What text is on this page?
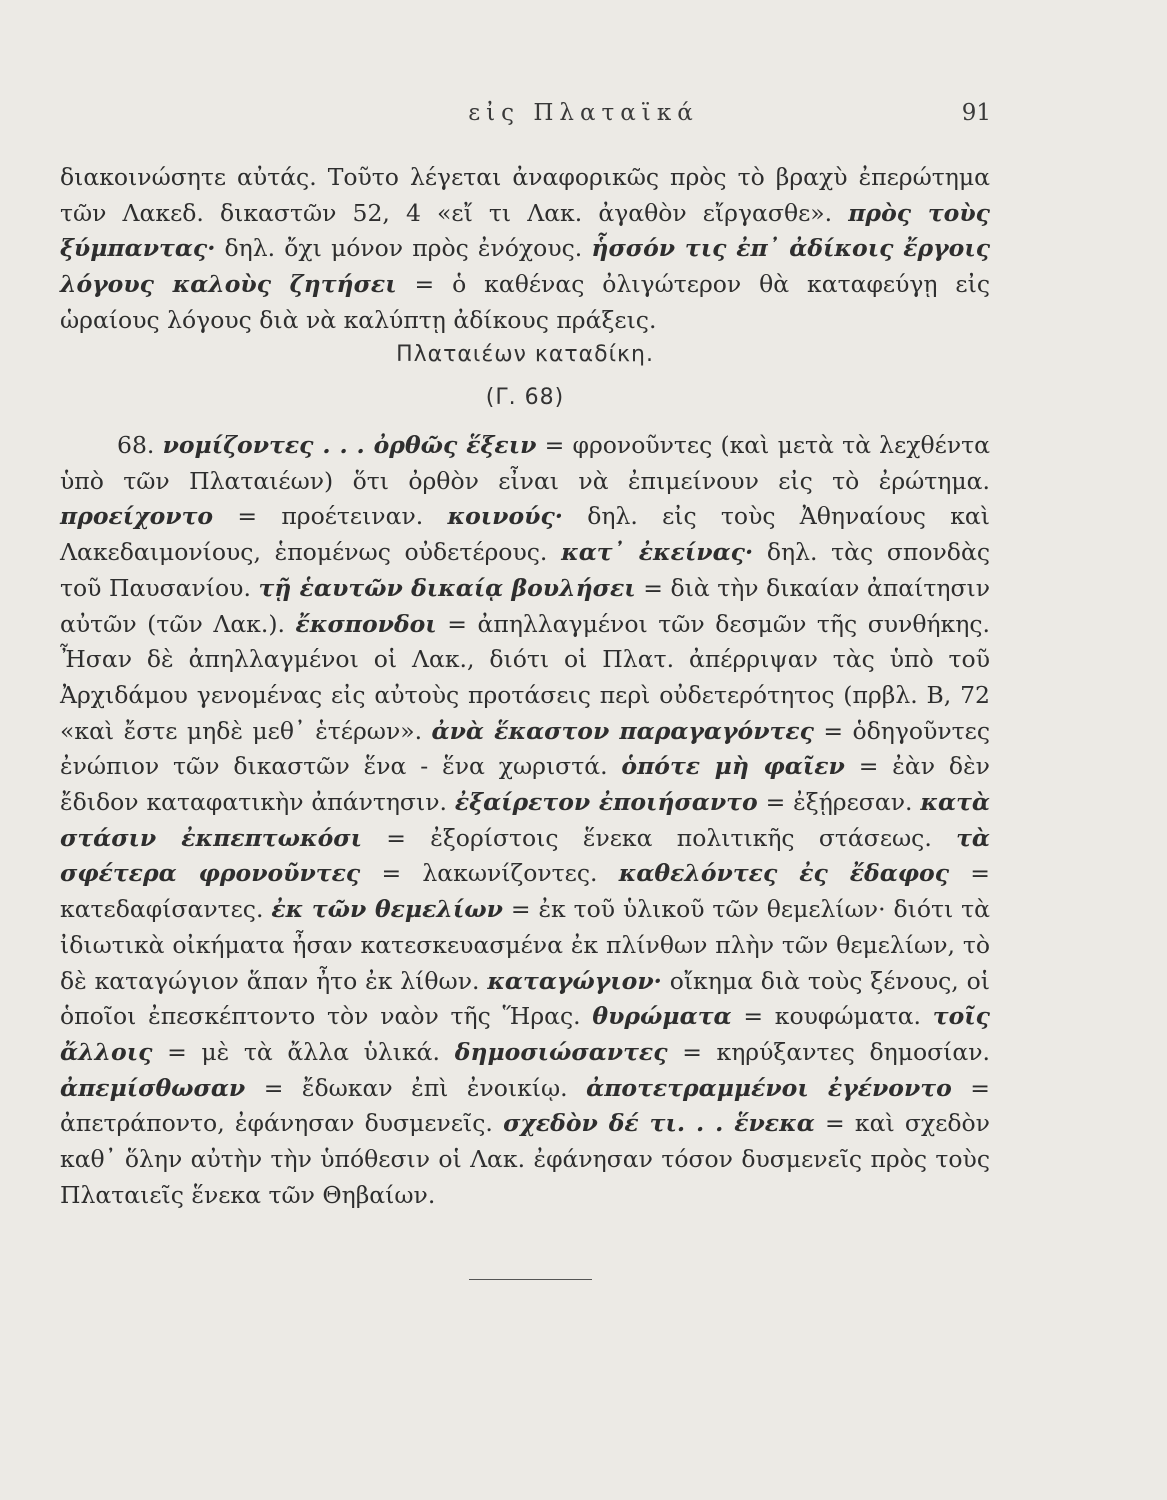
εἰς Πλαταϊκά	91

διακοινώσητε αὐτάς. Τοῦτο λέγεται ἀναφορικῶς πρὸς τὸ βραχὺ ἐπερώτημα τῶν Λακεδ. δικαστῶν 52, 4 «εἴ τι Λακ. ἀγαθὸν εἴργασθε». πρὸς τοὺς ξύμπαντας· δηλ. ὄχι μόνον πρὸς ἐνόχους. ἧσσόν τις ἐπ᾽ ἀδίκοις ἔργοις λόγους καλοὺς ζητήσει = ὁ καθένας ὀλιγώτερον θὰ καταφεύγῃ εἰς ὡραίους λόγους διὰ νὰ καλύπτῃ ἀδίκους πράξεις.

Πλαταιέων καταδίκη.
(Γ. 68)

68. νομίζοντες . . . ὀρθῶς ἕξειν = φρονοῦντες (καὶ μετὰ τὰ λεχθέντα ὑπὸ τῶν Πλαταιέων) ὅτι ὀρθὸν εἶναι νὰ ἐπιμείνουν εἰς τὸ ἐρώτημα. προείχοντο = προέτειναν. κοινούς· δηλ. εἰς τοὺς Ἀθηναίους καὶ Λακεδαιμονίους, ἑπομένως οὐδετέρους. κατ᾽ ἐκείνας· δηλ. τὰς σπονδὰς τοῦ Παυσανίου. τῇ ἑαυτῶν δικαίᾳ βουλήσει = διὰ τὴν δικαίαν ἀπαίτησιν αὐτῶν (τῶν Λακ.). ἔκσπονδοι = ἀπηλλαγμένοι τῶν δεσμῶν τῆς συνθήκης. Ἦσαν δὲ ἀπηλλαγμένοι οἱ Λακ., διότι οἱ Πλατ. ἀπέρριψαν τὰς ὑπὸ τοῦ Ἀρχιδάμου γενομένας εἰς αὐτοὺς προτάσεις περὶ οὐδετερότητος (πρβλ. Β, 72 «καὶ ἔστε μηδὲ μεθ᾽ ἑτέρων». ἀνὰ ἕκαστον παραγαγόντες = ὁδηγοῦντες ἐνώπιον τῶν δικαστῶν ἕνα - ἕνα χωριστά. ὁπότε μὴ φαῖεν = ἐὰν δὲν ἔδιδον καταφατικὴν ἀπάντησιν. ἐξαίρετον ἐποιήσαντο = ἐξῄρεσαν. κατὰ στάσιν ἐκπεπτωκόσι = ἐξορίστοις ἕνεκα πολιτικῆς στάσεως. τὰ σφέτερα φρονοῦντες = λακωνίζοντες. καθελόντες ἐς ἔδαφος = κατεδαφίσαντες. ἐκ τῶν θεμελίων = ἐκ τοῦ ὑλικοῦ τῶν θεμελίων· διότι τὰ ἰδιωτικὰ οἰκήματα ἦσαν κατεσκευασμένα ἐκ πλίνθων πλὴν τῶν θεμελίων, τὸ δὲ καταγώγιον ἅπαν ἦτο ἐκ λίθων. καταγώγιον· οἴκημα διὰ τοὺς ξένους, οἱ ὁποῖοι ἐπεσκέπτοντο τὸν ναὸν τῆς Ἥρας. θυρώματα = κουφώματα. τοῖς ἄλλοις = μὲ τὰ ἄλλα ὑλικά. δημοσιώσαντες = κηρύξαντες δημοσίαν. ἀπεμίσθωσαν = ἔδωκαν ἐπὶ ἐνοικίῳ. ἀποτετραμμένοι ἐγένοντο = ἀπετράποντο, ἐφάνησαν δυσμενεῖς. σχεδὸν δέ τι. . . ἕνεκα = καὶ σχεδὸν καθ᾽ ὅλην αὐτὴν τὴν ὑπόθεσιν οἱ Λακ. ἐφάνησαν τόσον δυσμενεῖς πρὸς τοὺς Πλαταιεῖς ἕνεκα τῶν Θηβαίων.
